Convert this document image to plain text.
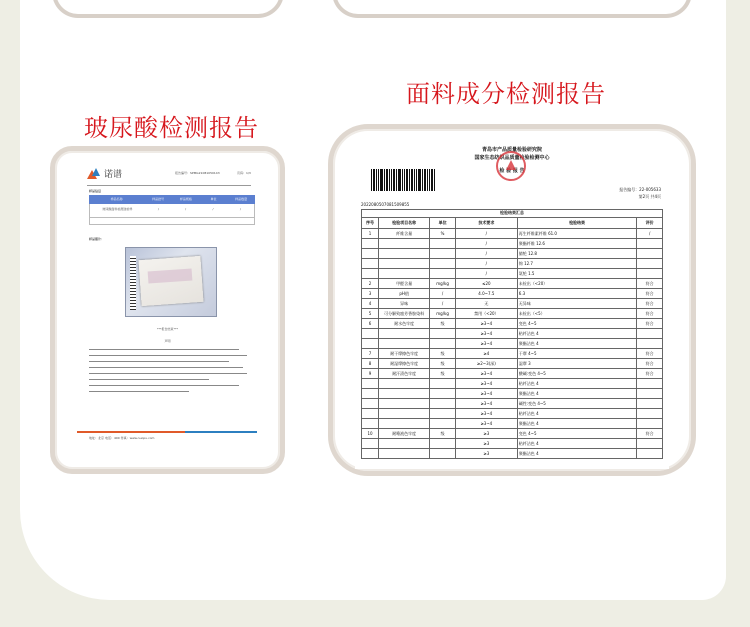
玻尿酸检测报告
面料成分检测报告
诺谱	报告编号：SPMG21081050143	页码：1/3
样品信息
样品名称	样品批号	样品规格	单位	样品数量
玻尿酸面料检测送检样	/	/	/	/
样品照片：
***报告结束***
声明
地址：北京 电话：400 传真：www.nuopu.com
青岛市产品质量检验研究院
国家生态纺织品质量检验检测中心
检 验 报 告
报告编号：22-005633
第2页 共4页
2022080507081509855
检验结果汇总
序号	检验项目名称	单位	技术要求	检验结果	评价
1	纤维含量	%	/	再生纤维素纤维 61.0	/
			/	聚酯纤维 12.6	
			/	腈纶 12.8	
			/	锦 12.7	
			/	氨纶 1.5	
2	甲醛含量	mg/kg	≤20	未检出（<20）	符合
3	pH值	/	4.0~7.5	6.3	符合
4	异味	/	无	无异味	符合
5	可分解致癌芳香胺染料	mg/kg	禁用（<20）	未检出（<5）	符合
6	耐水色牢度	级	≥3~4	变色 4~5	符合
			≥3~4	粘纤沾色 4	
			≥3~4	聚酯沾色 4	
7	耐干摩擦色牢度	级	≥4	干摩 4~5	符合
8	耐湿摩擦色牢度	级	≥2~3(深)	湿摩 3	符合
9	耐汗渍色牢度	级	≥3~4	酸碱:变色 4~5	符合
			≥3~4	粘纤沾色 4	
			≥3~4	聚酯沾色 4	
			≥3~4	碱性:变色 4~5	
			≥3~4	粘纤沾色 4	
			≥3~4	聚酯沾色 4	
10	耐唾液色牢度	级	≥3	变色 4~5	符合
			≥3	粘纤沾色 4	
			≥3	聚酯沾色 4	
